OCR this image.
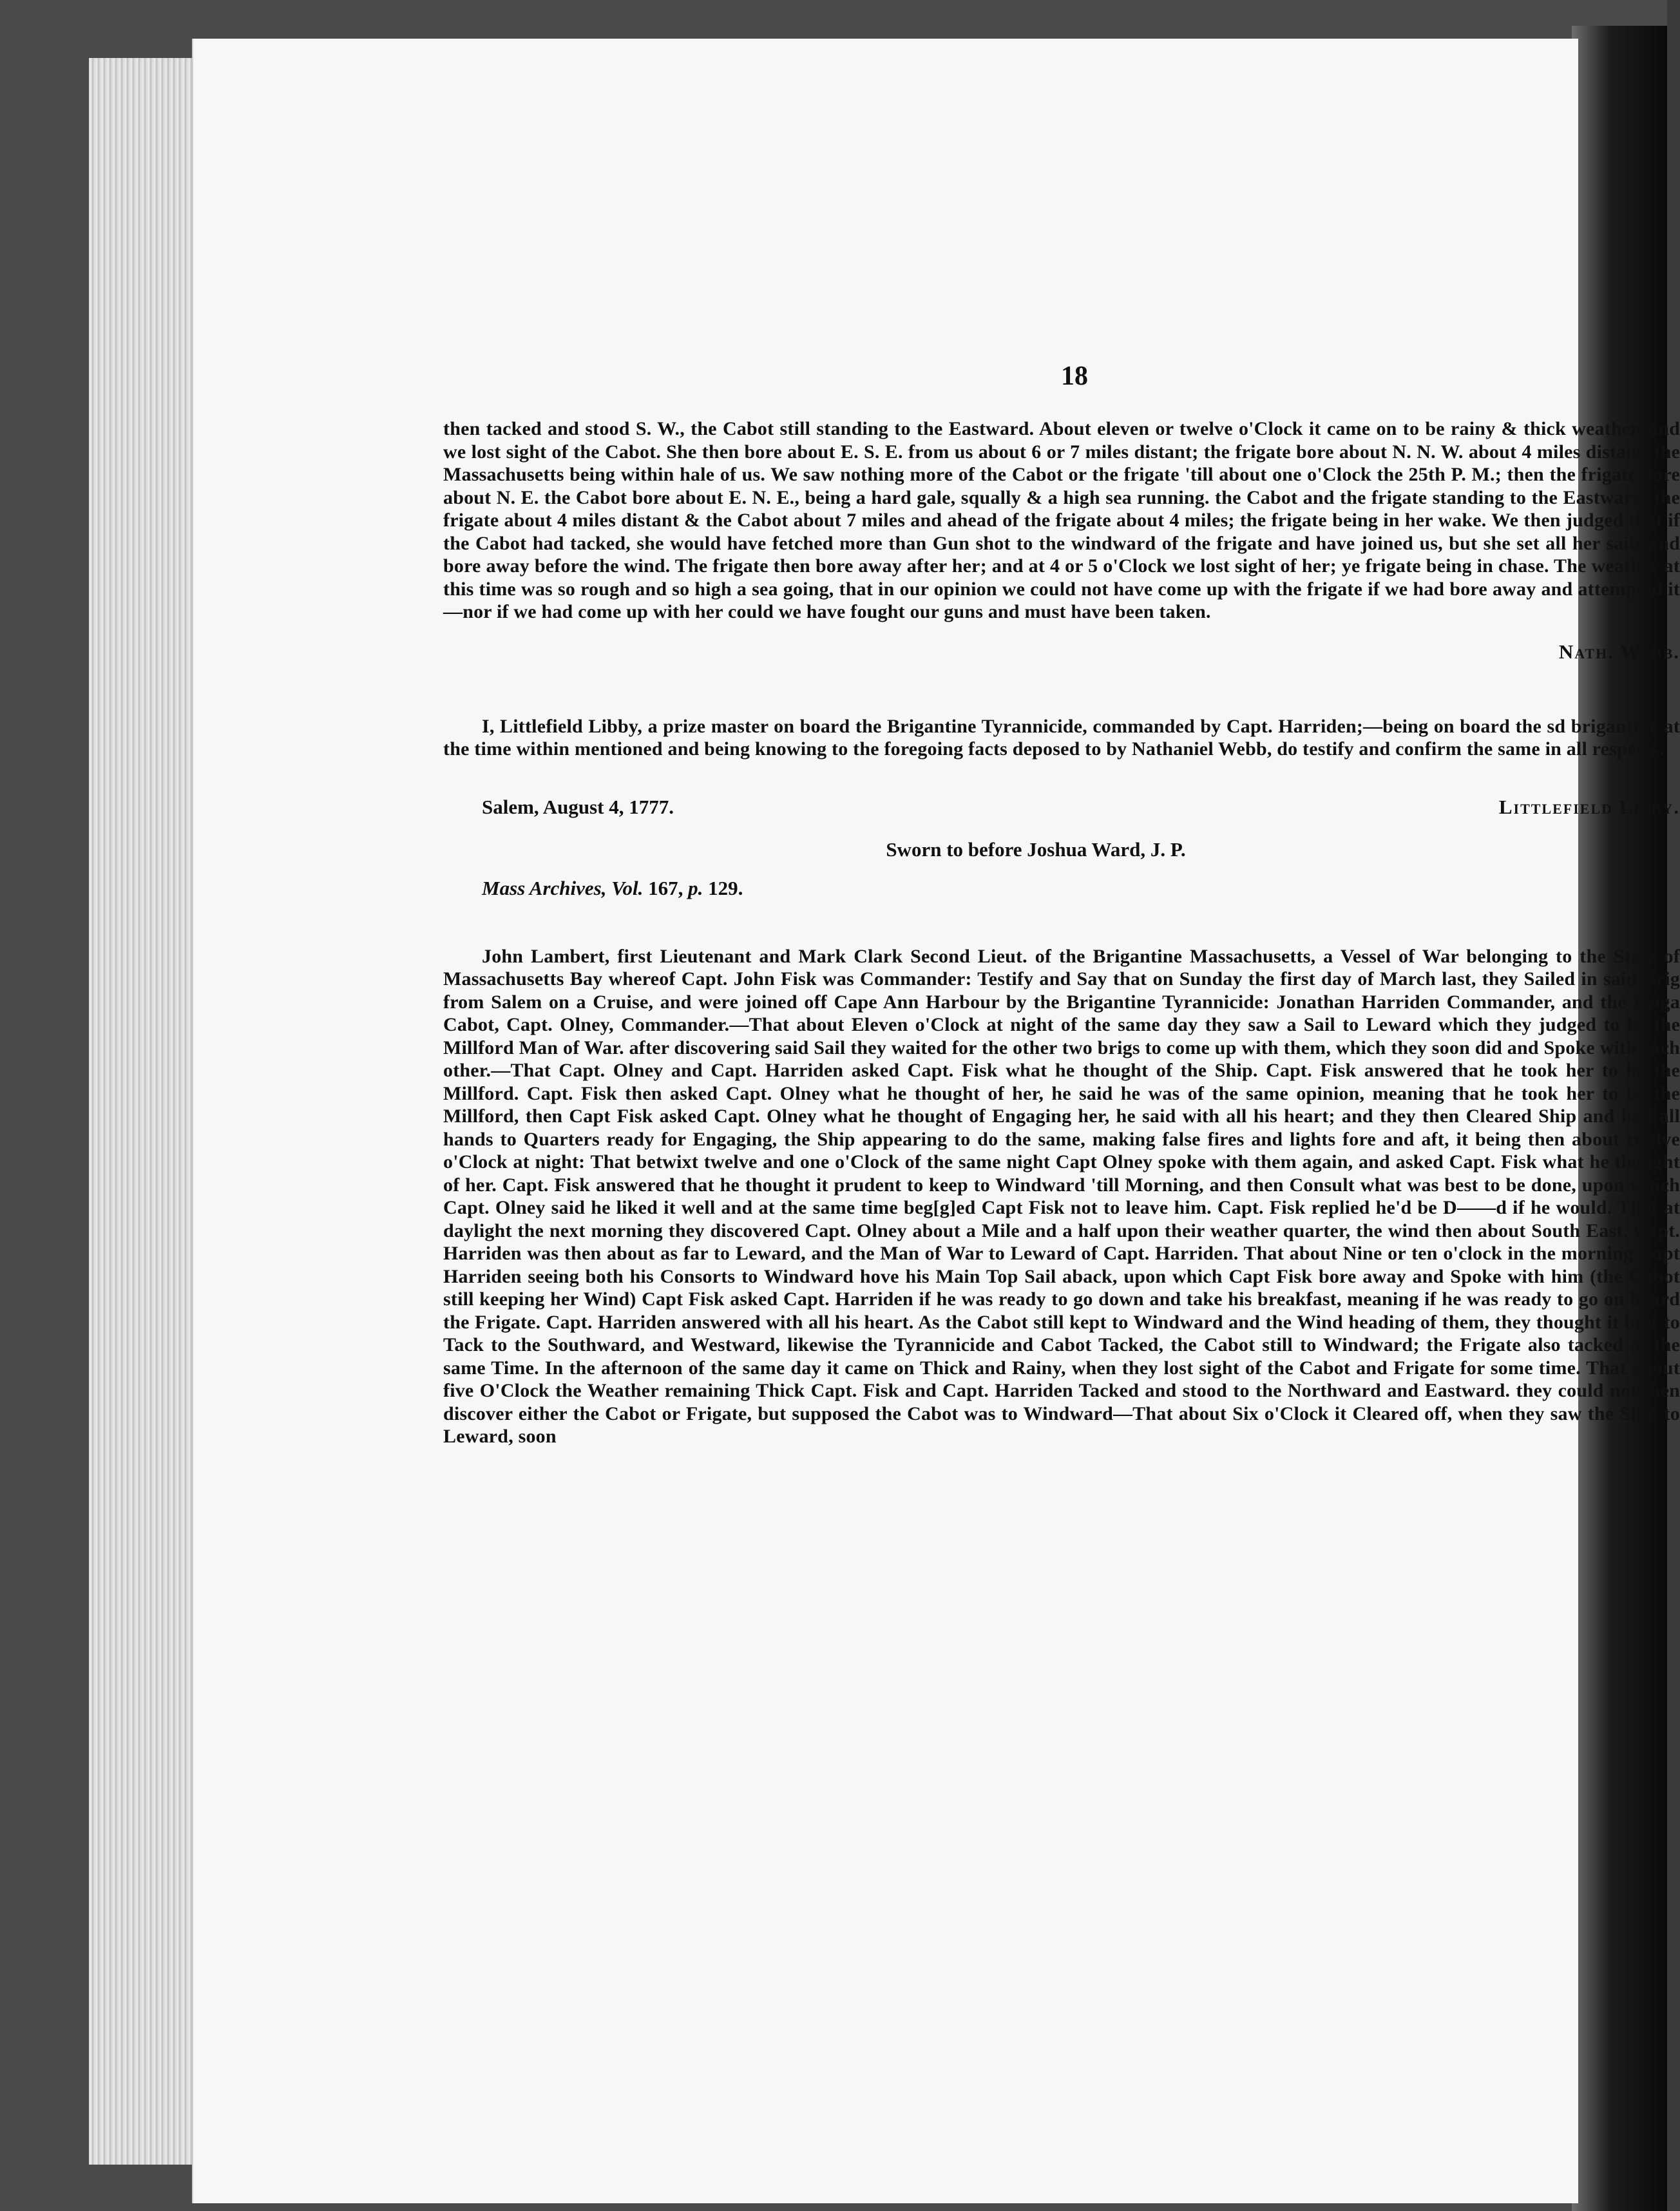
18

then tacked and stood S. W., the Cabot still standing to the Eastward. About eleven or twelve o'Clock it came on to be rainy & thick weather, and we lost sight of the Cabot. She then bore about E. S. E. from us about 6 or 7 miles distant; the frigate bore about N. N. W. about 4 miles distant, the Massachusetts being within hale of us. We saw nothing more of the Cabot or the frigate 'till about one o'Clock the 25th P. M.; then the frigate bore about N. E. the Cabot bore about E. N. E., being a hard gale, squally & a high sea running. the Cabot and the frigate standing to the Eastward, the frigate about 4 miles distant & the Cabot about 7 miles and ahead of the frigate about 4 miles; the frigate being in her wake. We then judged that if the Cabot had tacked, she would have fetched more than Gun shot to the windward of the frigate and have joined us, but she set all her sails and bore away before the wind. The frigate then bore away after her; and at 4 or 5 o'Clock we lost sight of her; ye frigate being in chase. The weather at this time was so rough and so high a sea going, that in our opinion we could not have come up with the frigate if we had bore away and attempted it—nor if we had come up with her could we have fought our guns and must have been taken.

Nath. Webb.

I, Littlefield Libby, a prize master on board the Brigantine Tyrannicide, commanded by Capt. Harriden;—being on board the sd brigantine at the time within mentioned and being knowing to the foregoing facts deposed to by Nathaniel Webb, do testify and confirm the same in all respects.

Salem, August 4, 1777.	Littlefield Libby.
Sworn to before Joshua Ward, J. P.
Mass Archives, Vol. 167, p. 129.

John Lambert, first Lieutenant and Mark Clark Second Lieut. of the Brigantine Massachusetts, a Vessel of War belonging to the State of Massachusetts Bay whereof Capt. John Fisk was Commander: Testify and Say that on Sunday the first day of March last, they Sailed in said Brig from Salem on a Cruise, and were joined off Cape Ann Harbour by the Brigantine Tyrannicide: Jonathan Harriden Commander, and the Briga Cabot, Capt. Olney, Commander.—That about Eleven o'Clock at night of the same day they saw a Sail to Leward which they judged to be the Millford Man of War. after discovering said Sail they waited for the other two brigs to come up with them, which they soon did and Spoke with each other.—That Capt. Olney and Capt. Harriden asked Capt. Fisk what he thought of the Ship. Capt. Fisk answered that he took her to be the Millford. Capt. Fisk then asked Capt. Olney what he thought of her, he said he was of the same opinion, meaning that he took her to be the Millford, then Capt Fisk asked Capt. Olney what he thought of Engaging her, he said with all his heart; and they then Cleared Ship and had all hands to Quarters ready for Engaging, the Ship appearing to do the same, making false fires and lights fore and aft, it being then about twelve o'Clock at night: That betwixt twelve and one o'Clock of the same night Capt Olney spoke with them again, and asked Capt. Fisk what he thought of her. Capt. Fisk answered that he thought it prudent to keep to Windward 'till Morning, and then Consult what was best to be done, upon which Capt. Olney said he liked it well and at the same time beg[g]ed Capt Fisk not to leave him. Capt. Fisk replied he'd be D——d if he would. That at daylight the next morning they discovered Capt. Olney about a Mile and a half upon their weather quarter, the wind then about South East. Capt. Harriden was then about as far to Leward, and the Man of War to Leward of Capt. Harriden. That about Nine or ten o'clock in the morning Capt Harriden seeing both his Consorts to Windward hove his Main Top Sail aback, upon which Capt Fisk bore away and Spoke with him (the Cabot still keeping her Wind) Capt Fisk asked Capt. Harriden if he was ready to go down and take his breakfast, meaning if he was ready to go on board the Frigate. Capt. Harriden answered with all his heart. As the Cabot still kept to Windward and the Wind heading of them, they thought it best to Tack to the Southward, and Westward, likewise the Tyrannicide and Cabot Tacked, the Cabot still to Windward; the Frigate also tacked at the same Time. In the afternoon of the same day it came on Thick and Rainy, when they lost sight of the Cabot and Frigate for some time. That about five O'Clock the Weather remaining Thick Capt. Fisk and Capt. Harriden Tacked and stood to the Northward and Eastward. they could not then discover either the Cabot or Frigate, but supposed the Cabot was to Windward—That about Six o'Clock it Cleared off, when they saw the Ship to Leward, soon
